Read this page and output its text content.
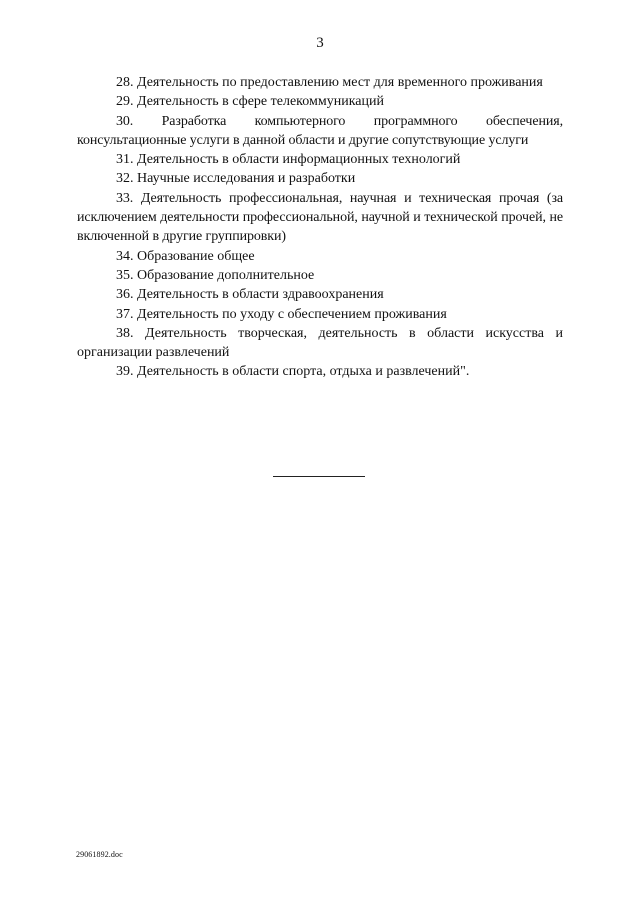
3

28. Деятельность по предоставлению мест для временного проживания

29. Деятельность в сфере телекоммуникаций

30. Разработка компьютерного программного обеспечения, консультационные услуги в данной области и другие сопутствующие услуги

31. Деятельность в области информационных технологий

32. Научные исследования и разработки

33. Деятельность профессиональная, научная и техническая прочая (за исключением деятельности профессиональной, научной и технической прочей, не включенной в другие группировки)

34. Образование общее

35. Образование дополнительное

36. Деятельность в области здравоохранения

37. Деятельность по уходу с обеспечением проживания

38. Деятельность творческая, деятельность в области искусства и организации развлечений

39. Деятельность в области спорта, отдыха и развлечений".

29061892.doc
